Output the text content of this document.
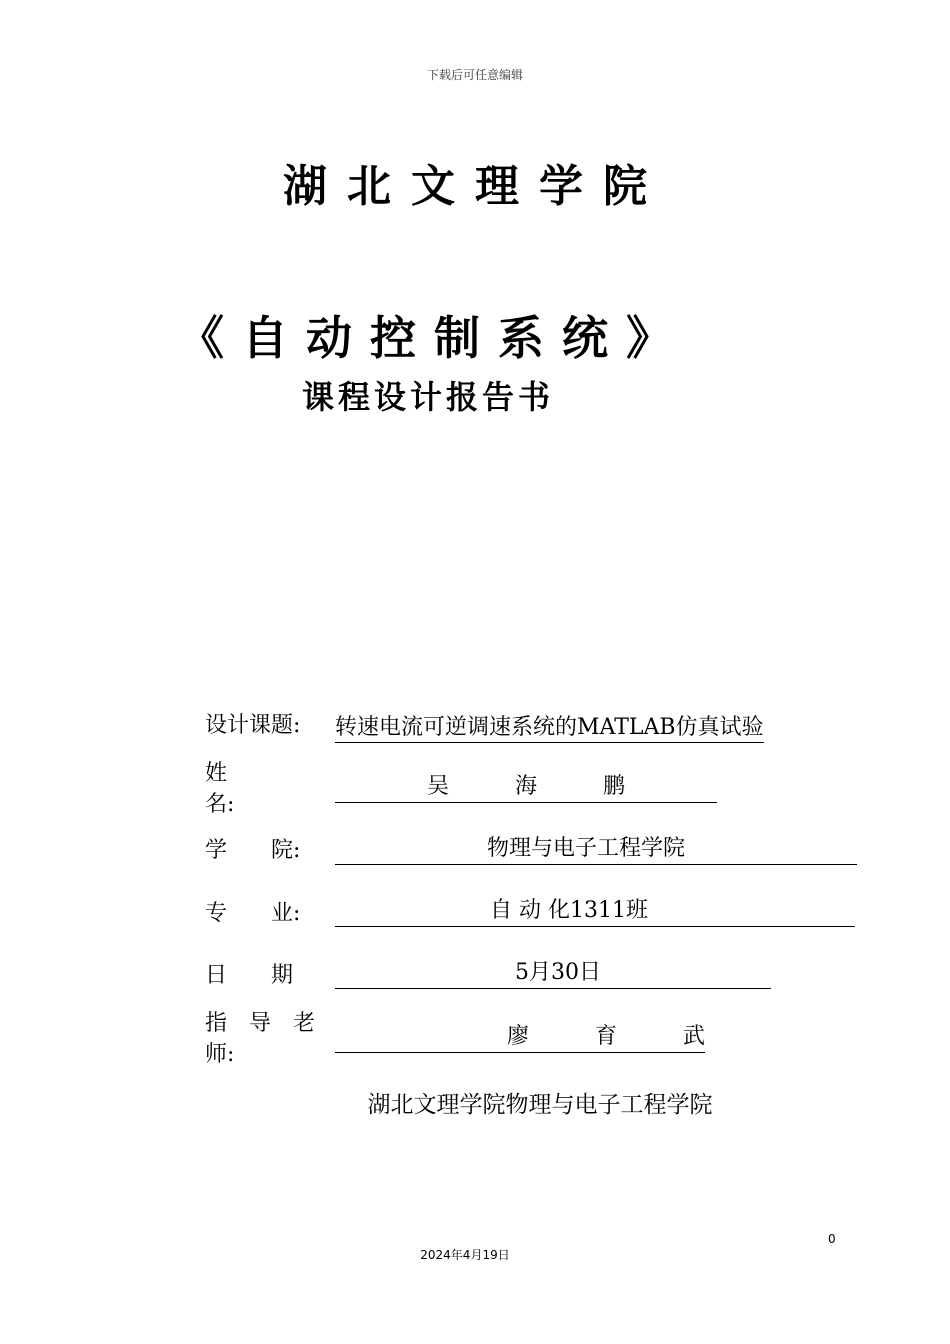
下载后可任意编辑
湖北文理学院
《自动控制系统》
课程设计报告书
设计课题: 转速电流可逆调速系统的MATLAB仿真试验
姓
名:
吴　　　海　　　鹏
学　　院:	物理与电子工程学院
专　　业:	自 动 化1311班
日　　期	5月30日
指　导　老
师:
廖　　　育　　　武
湖北文理学院物理与电子工程学院
0
2024年4月19日
